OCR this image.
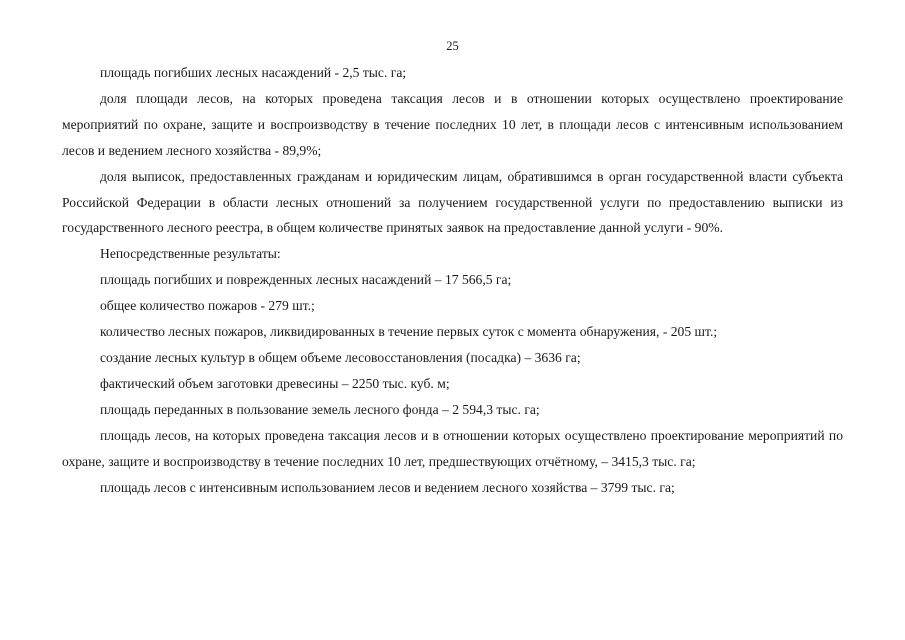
25

площадь погибших лесных насаждений - 2,5 тыс. га;

доля площади лесов, на которых проведена таксация лесов и в отношении которых осуществлено проектирование мероприятий по охране, защите и воспроизводству в течение последних 10 лет, в площади лесов с интенсивным использованием лесов и ведением лесного хозяйства - 89,9%;

доля выписок, предоставленных гражданам и юридическим лицам, обратившимся в орган государственной власти субъекта Российской Федерации в области лесных отношений за получением государственной услуги по предоставлению выписки из государственного лесного реестра, в общем количестве принятых заявок на предоставление данной услуги - 90%.

Непосредственные результаты:

площадь погибших и поврежденных лесных насаждений – 17 566,5 га;

общее количество пожаров - 279 шт.;

количество лесных пожаров, ликвидированных в течение первых суток с момента обнаружения, - 205 шт.;

создание лесных культур в общем объеме лесовосстановления (посадка) – 3636 га;

фактический объем заготовки древесины – 2250 тыс. куб. м;

площадь переданных в пользование земель лесного фонда – 2 594,3 тыс. га;

площадь лесов, на которых проведена таксация лесов и в отношении которых осуществлено проектирование мероприятий по охране, защите и воспроизводству в течение последних 10 лет, предшествующих отчётному, – 3415,3 тыс. га;

площадь лесов с интенсивным использованием лесов и ведением лесного хозяйства – 3799 тыс. га;
